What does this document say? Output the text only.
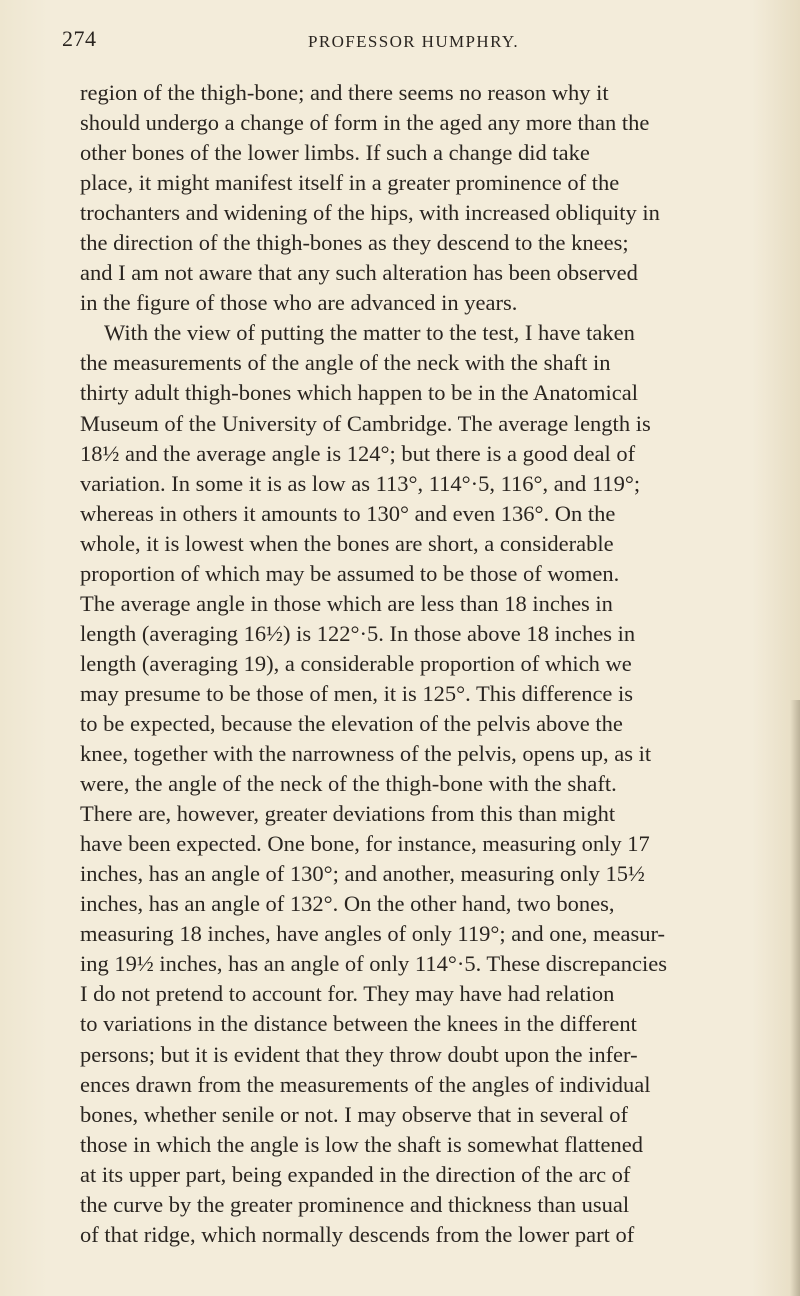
274	PROFESSOR HUMPHRY.
region of the thigh-bone; and there seems no reason why it
should undergo a change of form in the aged any more than the
other bones of the lower limbs. If such a change did take
place, it might manifest itself in a greater prominence of the
trochanters and widening of the hips, with increased obliquity in
the direction of the thigh-bones as they descend to the knees;
and I am not aware that any such alteration has been observed
in the figure of those who are advanced in years.
With the view of putting the matter to the test, I have taken
the measurements of the angle of the neck with the shaft in
thirty adult thigh-bones which happen to be in the Anatomical
Museum of the University of Cambridge. The average length is
18½ and the average angle is 124°; but there is a good deal of
variation. In some it is as low as 113°, 114°·5, 116°, and 119°;
whereas in others it amounts to 130° and even 136°. On the
whole, it is lowest when the bones are short, a considerable
proportion of which may be assumed to be those of women.
The average angle in those which are less than 18 inches in
length (averaging 16½) is 122°·5. In those above 18 inches in
length (averaging 19), a considerable proportion of which we
may presume to be those of men, it is 125°. This difference is
to be expected, because the elevation of the pelvis above the
knee, together with the narrowness of the pelvis, opens up, as it
were, the angle of the neck of the thigh-bone with the shaft.
There are, however, greater deviations from this than might
have been expected. One bone, for instance, measuring only 17
inches, has an angle of 130°; and another, measuring only 15½
inches, has an angle of 132°. On the other hand, two bones,
measuring 18 inches, have angles of only 119°; and one, measur-
ing 19½ inches, has an angle of only 114°·5. These discrepancies
I do not pretend to account for. They may have had relation
to variations in the distance between the knees in the different
persons; but it is evident that they throw doubt upon the infer-
ences drawn from the measurements of the angles of individual
bones, whether senile or not. I may observe that in several of
those in which the angle is low the shaft is somewhat flattened
at its upper part, being expanded in the direction of the arc of
the curve by the greater prominence and thickness than usual
of that ridge, which normally descends from the lower part of
